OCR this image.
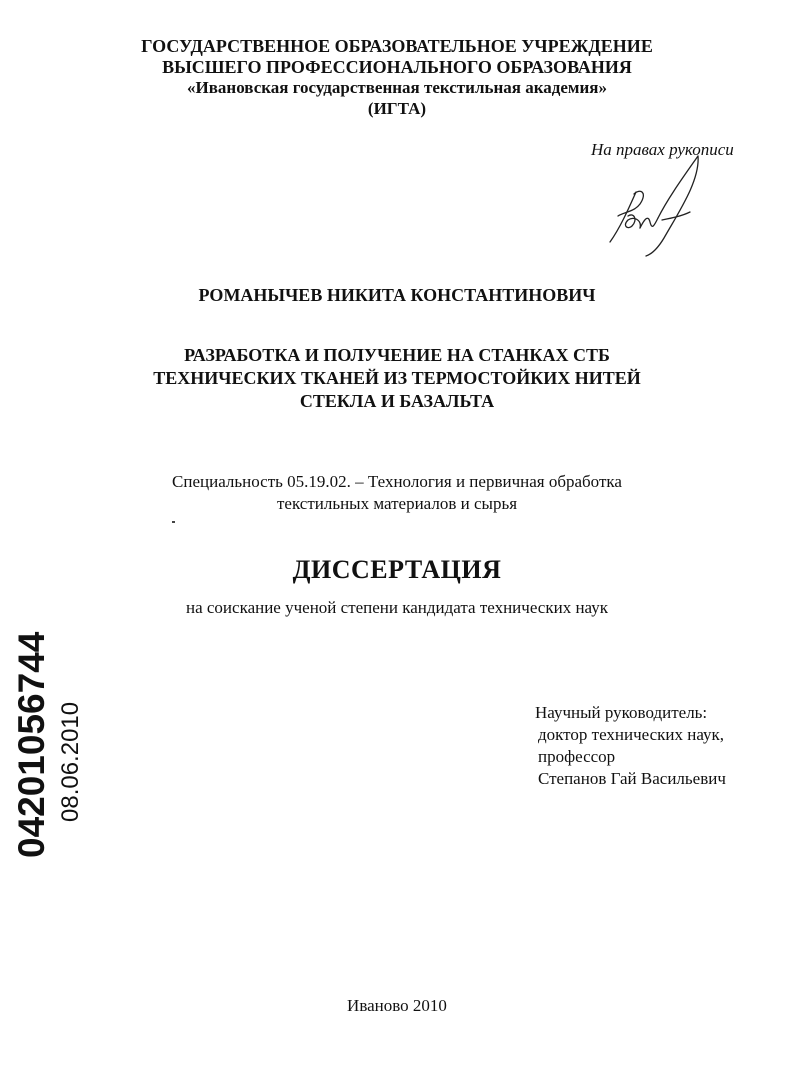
ГОСУДАРСТВЕННОЕ ОБРАЗОВАТЕЛЬНОЕ УЧРЕЖДЕНИЕ
ВЫСШЕГО ПРОФЕССИОНАЛЬНОГО ОБРАЗОВАНИЯ
«Ивановская государственная текстильная академия»
(ИГТА)
На правах рукописи
РОМАНЫЧЕВ НИКИТА КОНСТАНТИНОВИЧ
РАЗРАБОТКА И ПОЛУЧЕНИЕ НА СТАНКАХ СТБ
ТЕХНИЧЕСКИХ ТКАНЕЙ ИЗ ТЕРМОСТОЙКИХ НИТЕЙ
СТЕКЛА И БАЗАЛЬТА
Специальность 05.19.02. – Технология и первичная обработка
текстильных материалов и сырья
ДИССЕРТАЦИЯ
на соискание ученой степени кандидата технических наук
Научный руководитель:
доктор технических наук,
профессор
Степанов Гай Васильевич
Иваново 2010
04201056744 08.06.2010
